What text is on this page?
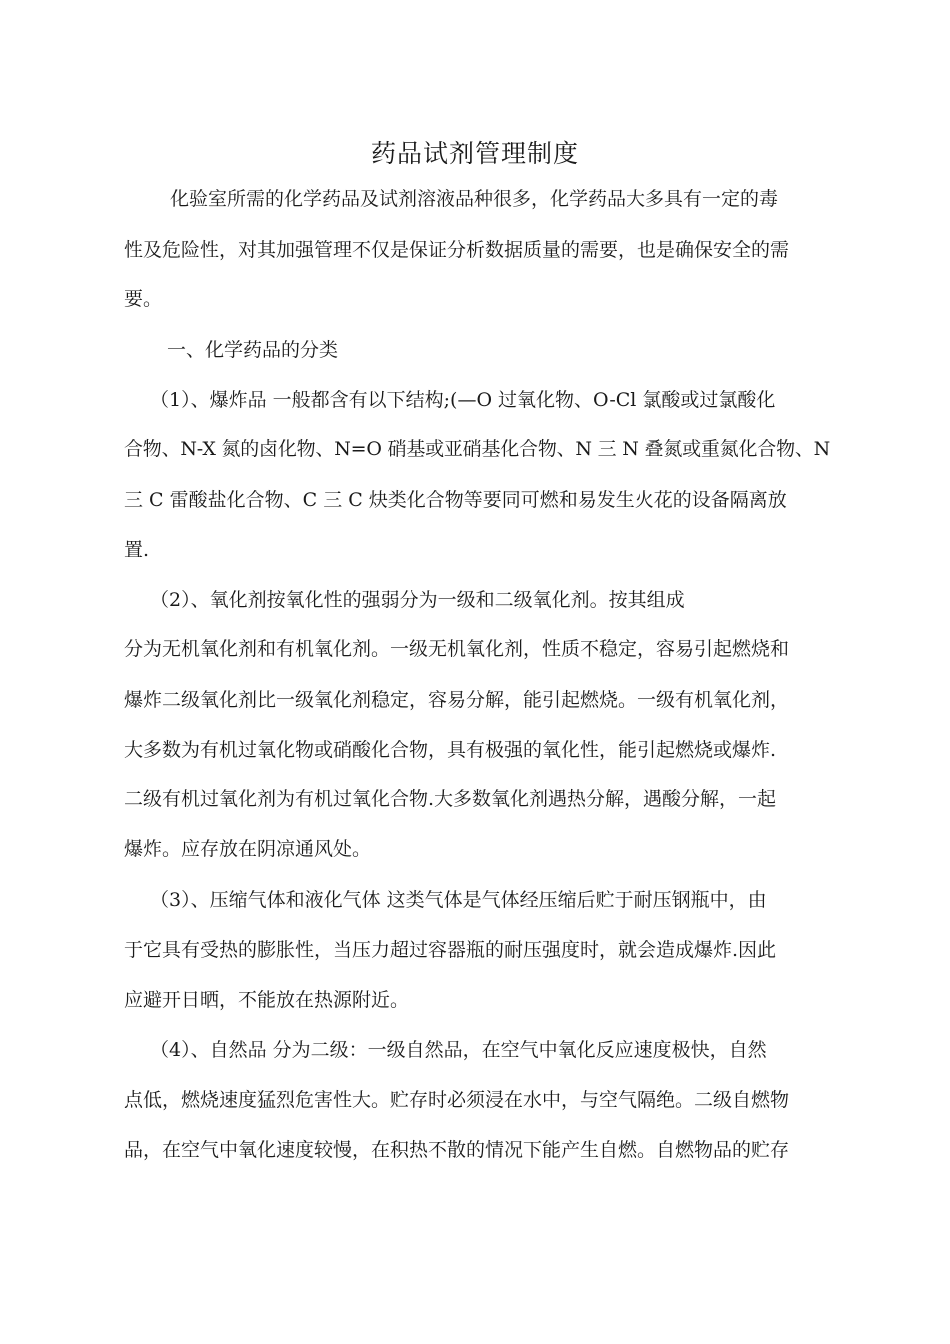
药品试剂管理制度
化验室所需的化学药品及试剂溶液品种很多，化学药品大多具有一定的毒
性及危险性，对其加强管理不仅是保证分析数据质量的需要，也是确保安全的需
要。
一、化学药品的分类
（1）、爆炸品 一般都含有以下结构;(—O 过氧化物、O-Cl 氯酸或过氯酸化
合物、N-X 氮的卤化物、N=O 硝基或亚硝基化合物、N 三 N 叠氮或重氮化合物、N
三 C 雷酸盐化合物、C 三 C 炔类化合物等要同可燃和易发生火花的设备隔离放
置.
（2）、氧化剂按氧化性的强弱分为一级和二级氧化剂。按其组成
分为无机氧化剂和有机氧化剂。一级无机氧化剂，性质不稳定，容易引起燃烧和
爆炸二级氧化剂比一级氧化剂稳定，容易分解，能引起燃烧。一级有机氧化剂，
大多数为有机过氧化物或硝酸化合物，具有极强的氧化性，能引起燃烧或爆炸.
二级有机过氧化剂为有机过氧化合物.大多数氧化剂遇热分解，遇酸分解，一起
爆炸。应存放在阴凉通风处。
（3）、压缩气体和液化气体 这类气体是气体经压缩后贮于耐压钢瓶中，由
于它具有受热的膨胀性，当压力超过容器瓶的耐压强度时，就会造成爆炸.因此
应避开日晒，不能放在热源附近。
（4）、自然品 分为二级：一级自然品，在空气中氧化反应速度极快，自然
点低，燃烧速度猛烈危害性大。贮存时必须浸在水中，与空气隔绝。二级自燃物
品，在空气中氧化速度较慢，在积热不散的情况下能产生自燃。自燃物品的贮存
